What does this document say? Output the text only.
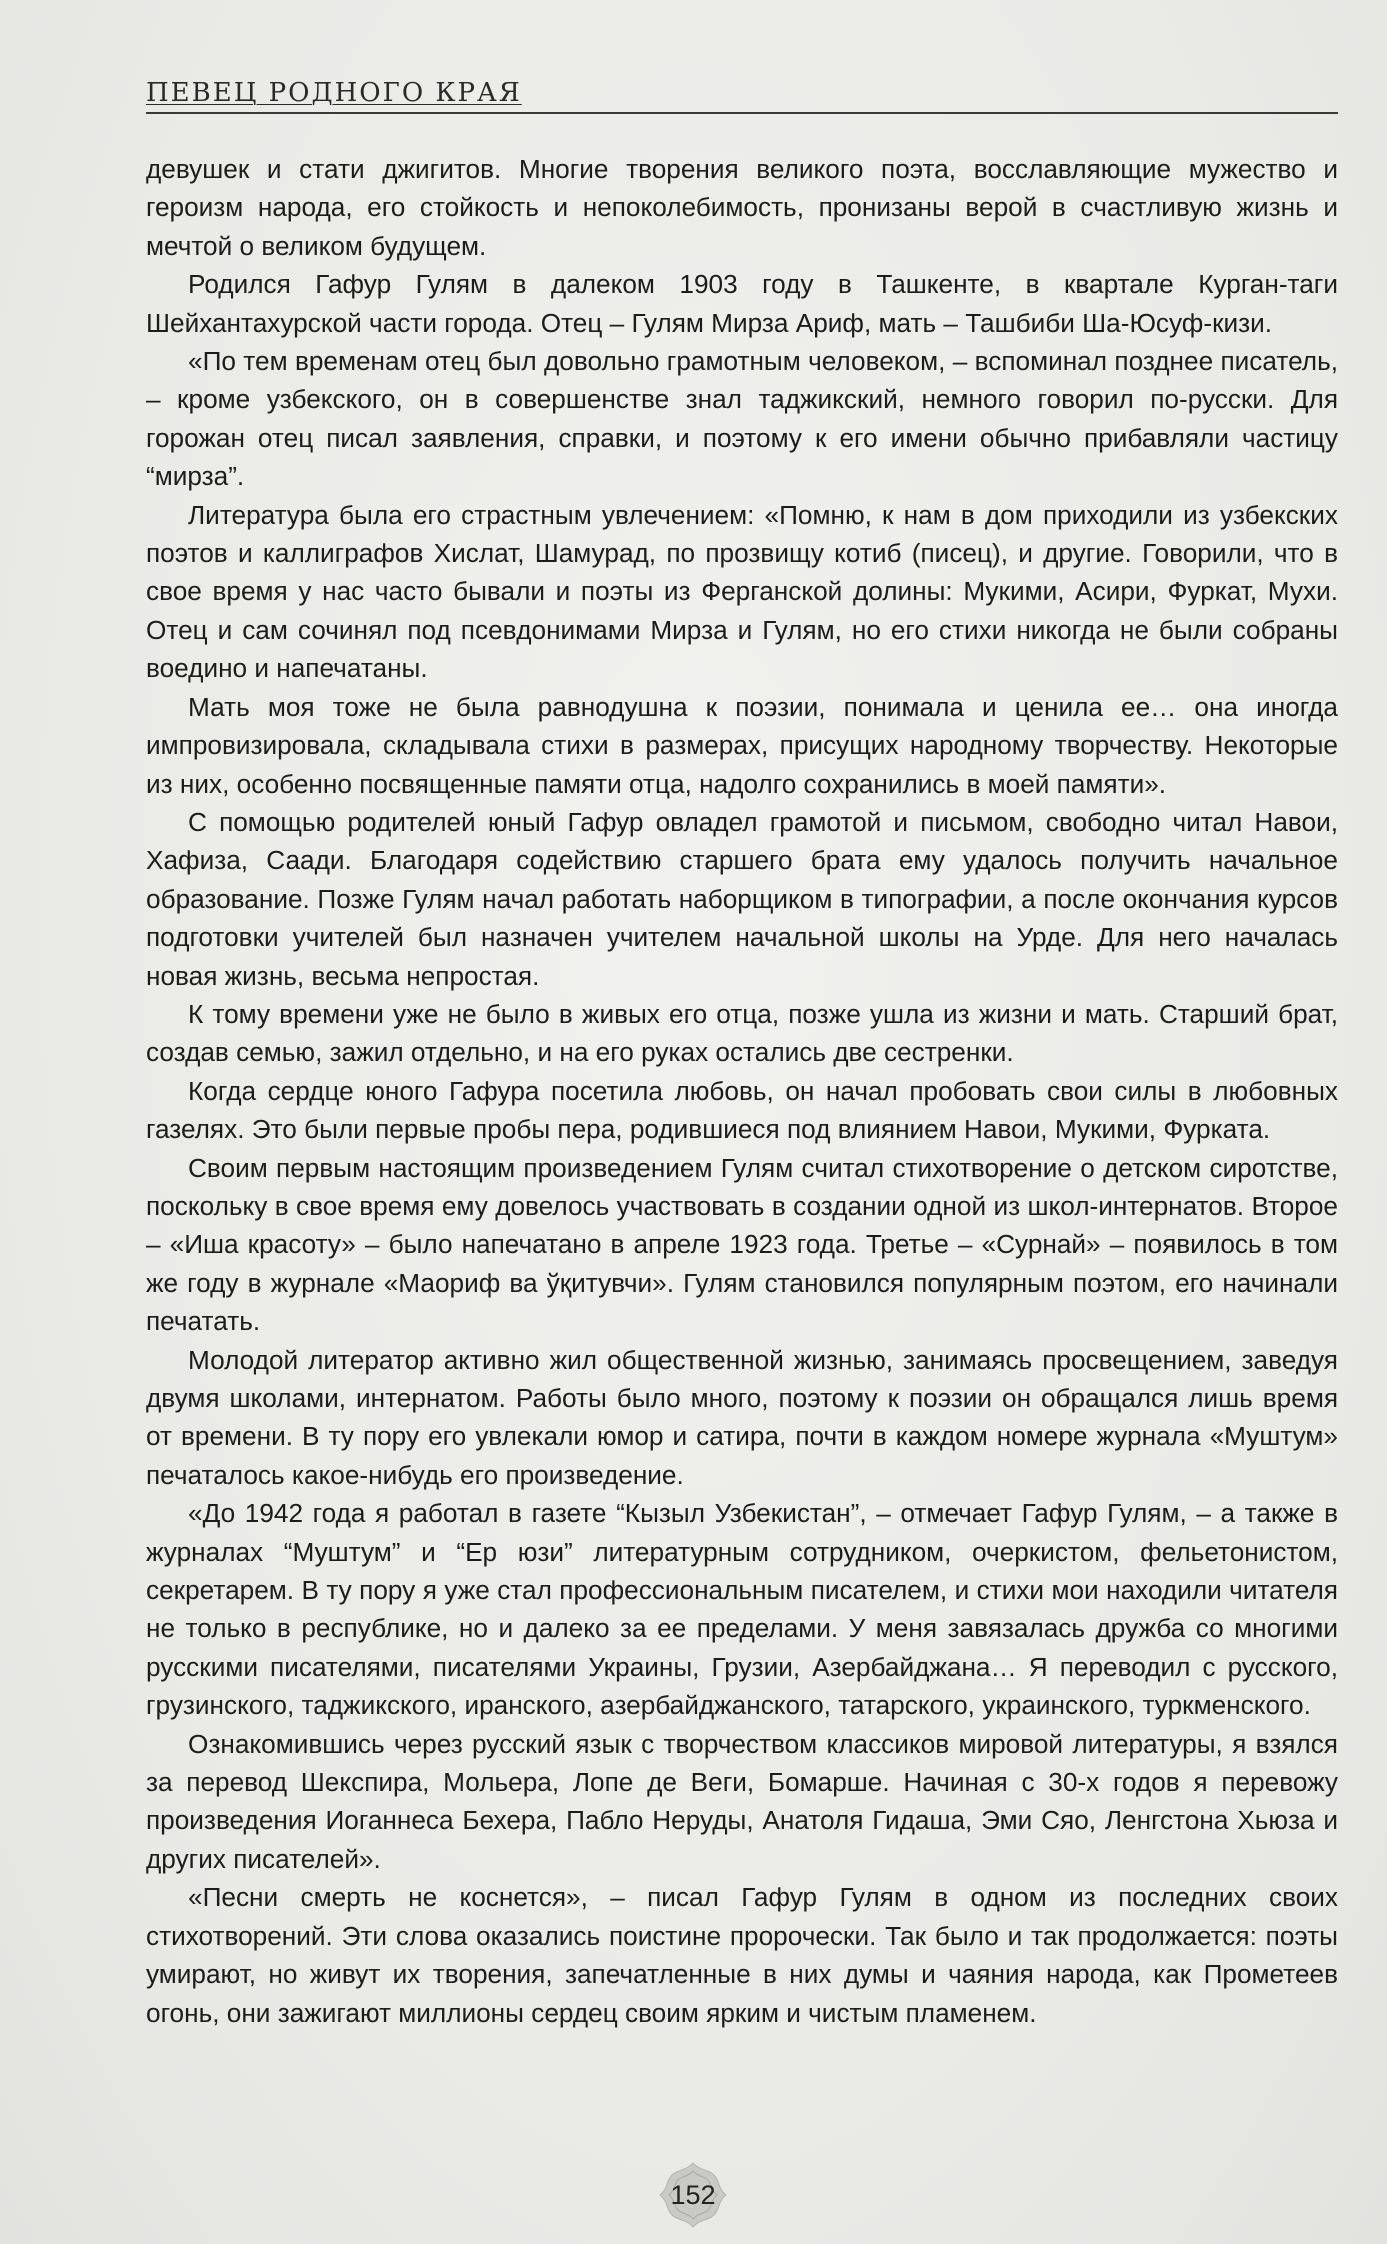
ПЕВЕЦ РОДНОГО КРАЯ

девушек и стати джигитов. Многие творения великого поэта, восславляющие мужество и героизм народа, его стойкость и непоколебимость, пронизаны верой в счастливую жизнь и мечтой о великом будущем.

Родился Гафур Гулям в далеком 1903 году в Ташкенте, в квартале Курган-таги Шейхантахурской части города. Отец – Гулям Мирза Ариф, мать – Ташбиби Ша-Юсуф-кизи.

«По тем временам отец был довольно грамотным человеком, – вспоминал позднее писатель, – кроме узбекского, он в совершенстве знал таджикский, немного говорил по-русски. Для горожан отец писал заявления, справки, и поэтому к его имени обычно прибавляли частицу “мирза”.

Литература была его страстным увлечением: «Помню, к нам в дом приходили из узбекских поэтов и каллиграфов Хислат, Шамурад, по прозвищу котиб (писец), и другие. Говорили, что в свое время у нас часто бывали и поэты из Ферганской долины: Мукими, Асири, Фуркат, Мухи. Отец и сам сочинял под псевдонимами Мирза и Гулям, но его стихи никогда не были собраны воедино и напечатаны.

Мать моя тоже не была равнодушна к поэзии, понимала и ценила ее… она иногда импровизировала, складывала стихи в размерах, присущих народному творчеству. Некоторые из них, особенно посвященные памяти отца, надолго сохранились в моей памяти».

С помощью родителей юный Гафур овладел грамотой и письмом, свободно читал Навои, Хафиза, Саади. Благодаря содействию старшего брата ему удалось получить начальное образование. Позже Гулям начал работать наборщиком в типографии, а после окончания курсов подготовки учителей был назначен учителем начальной школы на Урде. Для него началась новая жизнь, весьма непростая.

К тому времени уже не было в живых его отца, позже ушла из жизни и мать. Старший брат, создав семью, зажил отдельно, и на его руках остались две сестренки.

Когда сердце юного Гафура посетила любовь, он начал пробовать свои силы в любовных газелях. Это были первые пробы пера, родившиеся под влиянием Навои, Мукими, Фурката.

Своим первым настоящим произведением Гулям считал стихотворение о детском сиротстве, поскольку в свое время ему довелось участвовать в создании одной из школ-интернатов. Второе – «Иша красоту» – было напечатано в апреле 1923 года. Третье – «Сурнай» – появилось в том же году в журнале «Маориф ва ўқитувчи». Гулям становился популярным поэтом, его начинали печатать.

Молодой литератор активно жил общественной жизнью, занимаясь просвещением, заведуя двумя школами, интернатом. Работы было много, поэтому к поэзии он обращался лишь время от времени. В ту пору его увлекали юмор и сатира, почти в каждом номере журнала «Муштум» печаталось какое-нибудь его произведение.

«До 1942 года я работал в газете “Кызыл Узбекистан”, – отмечает Гафур Гулям, – а также в журналах “Муштум” и “Ер юзи” литературным сотрудником, очеркистом, фельетонистом, секретарем. В ту пору я уже стал профессиональным писателем, и стихи мои находили читателя не только в республике, но и далеко за ее пределами. У меня завязалась дружба со многими русскими писателями, писателями Украины, Грузии, Азербайджана… Я переводил с русского, грузинского, таджикского, иранского, азербайджанского, татарского, украинского, туркменского.

Ознакомившись через русский язык с творчеством классиков мировой литературы, я взялся за перевод Шекспира, Мольера, Лопе де Веги, Бомарше. Начиная с 30-х годов я перевожу произведения Иоганнеса Бехера, Пабло Неруды, Анатоля Гидаша, Эми Сяо, Ленгстона Хьюза и других писателей».

«Песни смерть не коснется», – писал Гафур Гулям в одном из последних своих стихотворений. Эти слова оказались поистине пророчески. Так было и так продолжается: поэты умирают, но живут их творения, запечатленные в них думы и чаяния народа, как Прометеев огонь, они зажигают миллионы сердец своим ярким и чистым пламенем.

152
